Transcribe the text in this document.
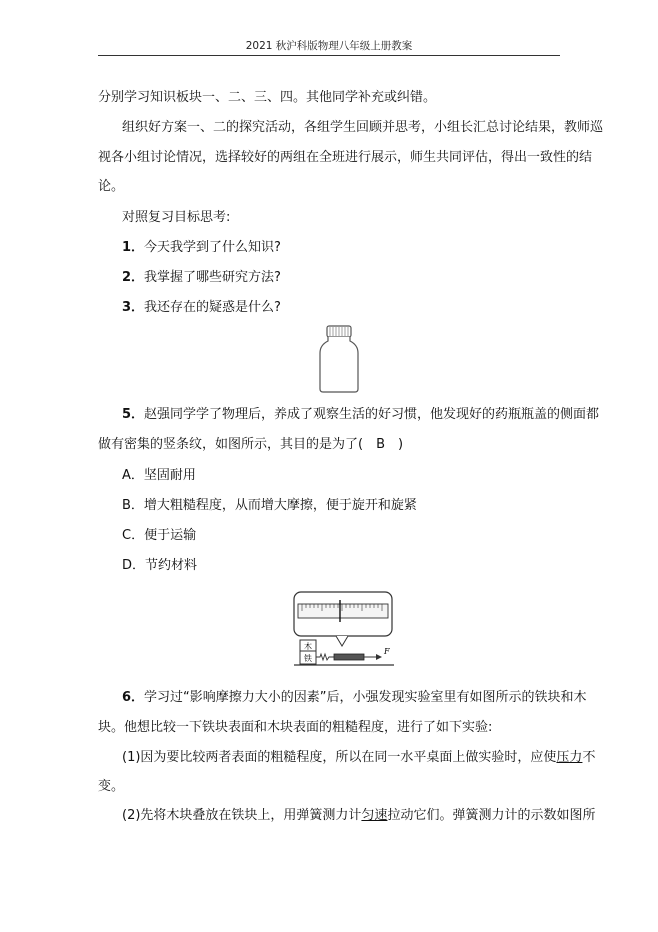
2021 秋沪科版物理八年级上册教案
分别学习知识板块一、二、三、四。其他同学补充或纠错。
组织好方案一、二的探究活动，各组学生回顾并思考，小组长汇总讨论结果，教师巡
视各小组讨论情况，选择较好的两组在全班进行展示，师生共同评估，得出一致性的结
论。
对照复习目标思考:
1．今天我学到了什么知识?
2．我掌握了哪些研究方法?
3．我还存在的疑惑是什么?
5．赵强同学学了物理后，养成了观察生活的好习惯，他发现好的药瓶瓶盖的侧面都
做有密集的竖条纹，如图所示，其目的是为了(　B　)
A．坚固耐用
B．增大粗糙程度，从而增大摩擦，便于旋开和旋紧
C．便于运输
D．节约材料
木
铁
F
6．学习过“影响摩擦力大小的因素”后，小强发现实验室里有如图所示的铁块和木
块。他想比较一下铁块表面和木块表面的粗糙程度，进行了如下实验:
(1)因为要比较两者表面的粗糙程度，所以在同一水平桌面上做实验时，应使压力不
变。
(2)先将木块叠放在铁块上，用弹簧测力计匀速拉动它们。弹簧测力计的示数如图所
